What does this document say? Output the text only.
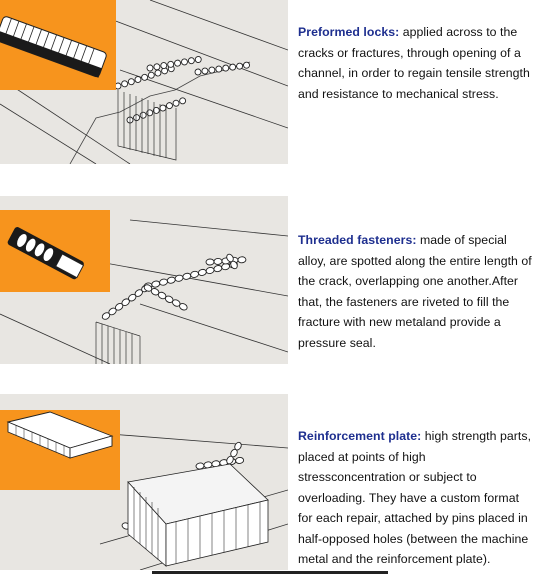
Preformed locks: applied across to the cracks or fractures, through opening of a channel, in order to regain tensile strength and resistance to mechanical stress.
Threaded fasteners: made of special alloy, are spotted along the entire length of the crack, overlapping one another.After that, the fasteners are riveted to fill the fracture with new metaland provide a pressure seal.
Reinforcement plate: high strength parts, placed at points of high stressconcentration or subject to overloading. They have a custom format for each repair, attached by pins placed in half-opposed holes (between the machine metal and the reinforcement plate).
